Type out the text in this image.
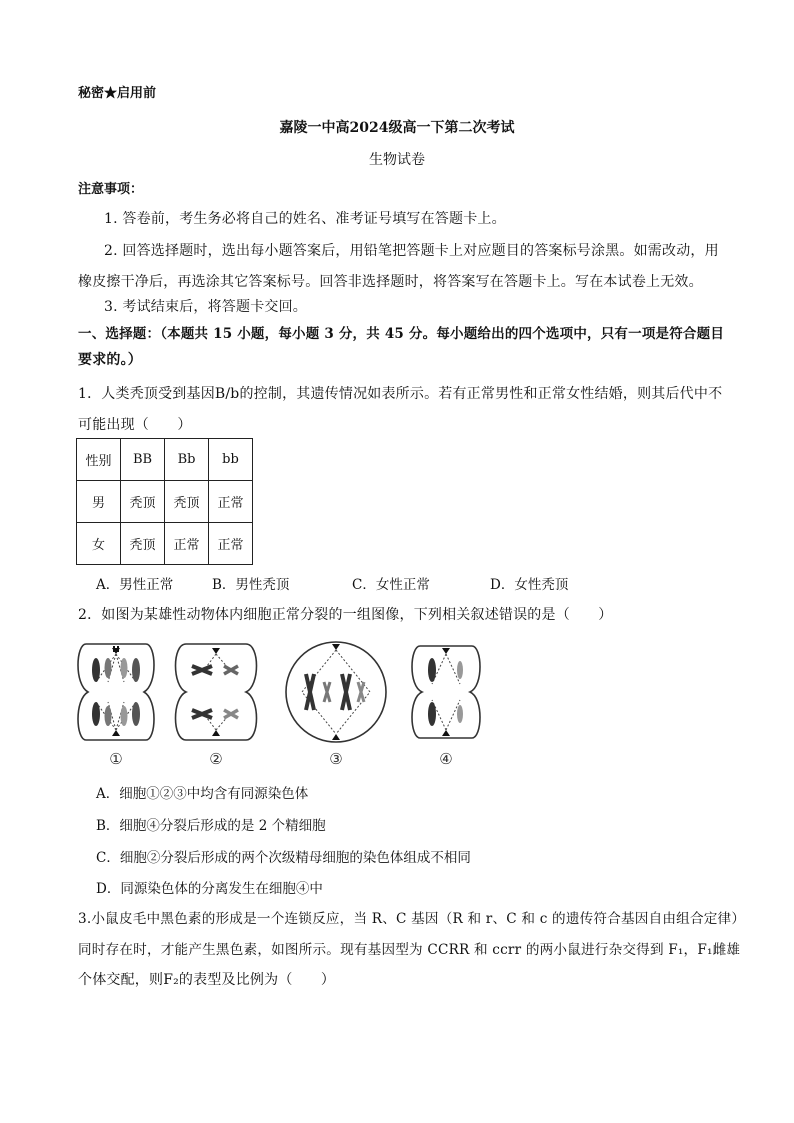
秘密★启用前
嘉陵一中高2024级高一下第二次考试
生物试卷
注意事项：
1. 答卷前，考生务必将自己的姓名、准考证号填写在答题卡上。
2. 回答选择题时，选出每小题答案后，用铅笔把答题卡上对应题目的答案标号涂黑。如需改动，用
橡皮擦干净后，再选涂其它答案标号。回答非选择题时，将答案写在答题卡上。写在本试卷上无效。
3. 考试结束后，将答题卡交回。
一、选择题：（本题共 15 小题，每小题 3 分，共 45 分。每小题给出的四个选项中，只有一项是符合题目
要求的。）
1．人类秃顶受到基因B/b的控制，其遗传情况如表所示。若有正常男性和正常女性结婚，则其后代中不
可能出现（　　）
性别	BB	Bb	bb
男	秃顶	秃顶	正常
女	秃顶	正常	正常
A．男性正常	B．男性秃顶	C．女性正常	D．女性秃顶
2．如图为某雄性动物体内细胞正常分裂的一组图像，下列相关叙述错误的是（　　）
①	②	③	④
A．细胞①②③中均含有同源染色体
B．细胞④分裂后形成的是 2 个精细胞
C．细胞②分裂后形成的两个次级精母细胞的染色体组成不相同
D．同源染色体的分离发生在细胞④中
3.小鼠皮毛中黑色素的形成是一个连锁反应，当 R、C 基因（R 和 r、C 和 c 的遗传符合基因自由组合定律）
同时存在时，才能产生黑色素，如图所示。现有基因型为 CCRR 和 ccrr 的两小鼠进行杂交得到 F₁，F₁雌雄
个体交配，则F₂的表型及比例为（　　）
